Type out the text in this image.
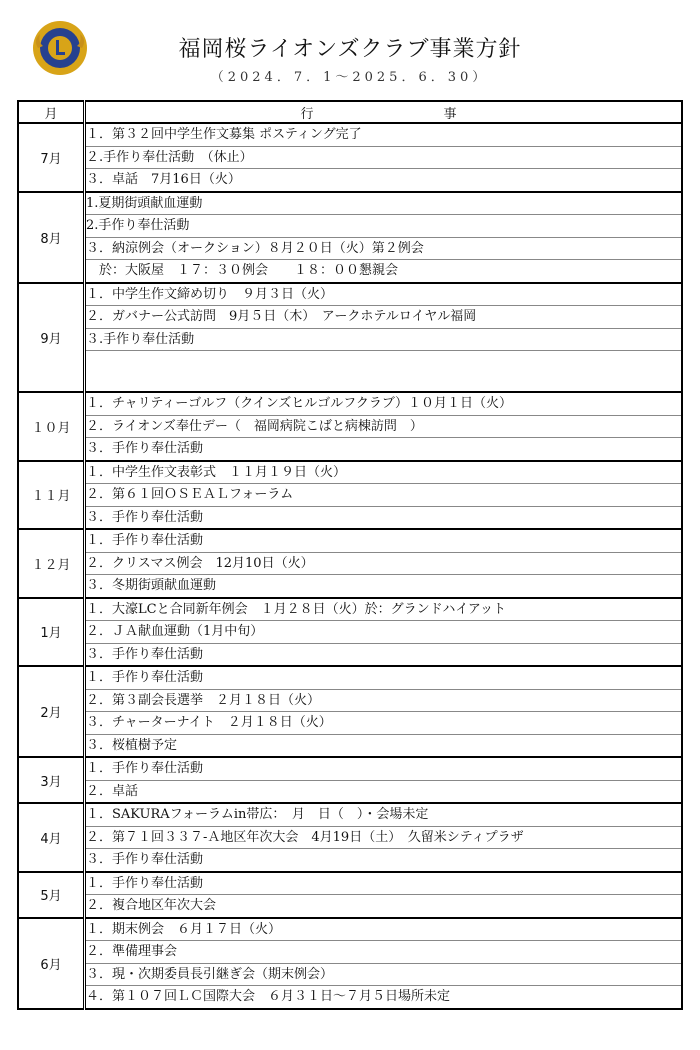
福岡桜ライオンズクラブ事業方針
（2024．7．1～2025．6．30）
月	行事
7月	１．第３２回中学生作文募集 ポスティング完了
	２.手作り奉仕活動　（休止）
	３．卓話　7月16日（火）
8月	1.夏期街頭献血運動
	2.手作り奉仕活動
	３．納涼例会（オークション）８月２０日（火）第２例会
	　於：大阪屋　１７：３０例会　　１８：００懇親会
9月	１．中学生作文締め切り　９月３日（火）
	２．ガバナー公式訪問　9月５日（木）　アークホテルロイヤル福岡
	３.手作り奉仕活動

１０月	１．チャリティーゴルフ（クインズヒルゴルフクラブ）１０月１日（火）
	２．ライオンズ奉仕デー（　福岡病院こばと病棟訪問　）
	３．手作り奉仕活動
１１月	１．中学生作文表彰式　１１月１９日（火）
	２．第６１回ＯＳＥＡＬフォーラム
	３．手作り奉仕活動
１２月	１．手作り奉仕活動
	２．クリスマス例会　12月10日（火）
	３．冬期街頭献血運動
1月	１．大濠LCと合同新年例会　１月２８日（火）於：グランドハイアット
	２．ＪＡ献血運動（1月中旬）
	３．手作り奉仕活動
2月	１．手作り奉仕活動
	２．第３副会長選挙　２月１８日（火）
	３．チャーターナイト　２月１８日（火）
	３．桜植樹予定
3月	１．手作り奉仕活動
	２．卓話
4月	１．SAKURAフォーラムin帯広：　月　日（　）・会場未定
	２．第７１回３３７-Ａ地区年次大会　4月19日（土）　久留米シティプラザ
	３．手作り奉仕活動
5月	１．手作り奉仕活動
	２．複合地区年次大会
6月	１．期末例会　６月１７日（火）
	２．準備理事会
	３．現・次期委員長引継ぎ会（期末例会）
	４．第１０７回ＬＣ国際大会　６月３１日～７月５日場所未定
